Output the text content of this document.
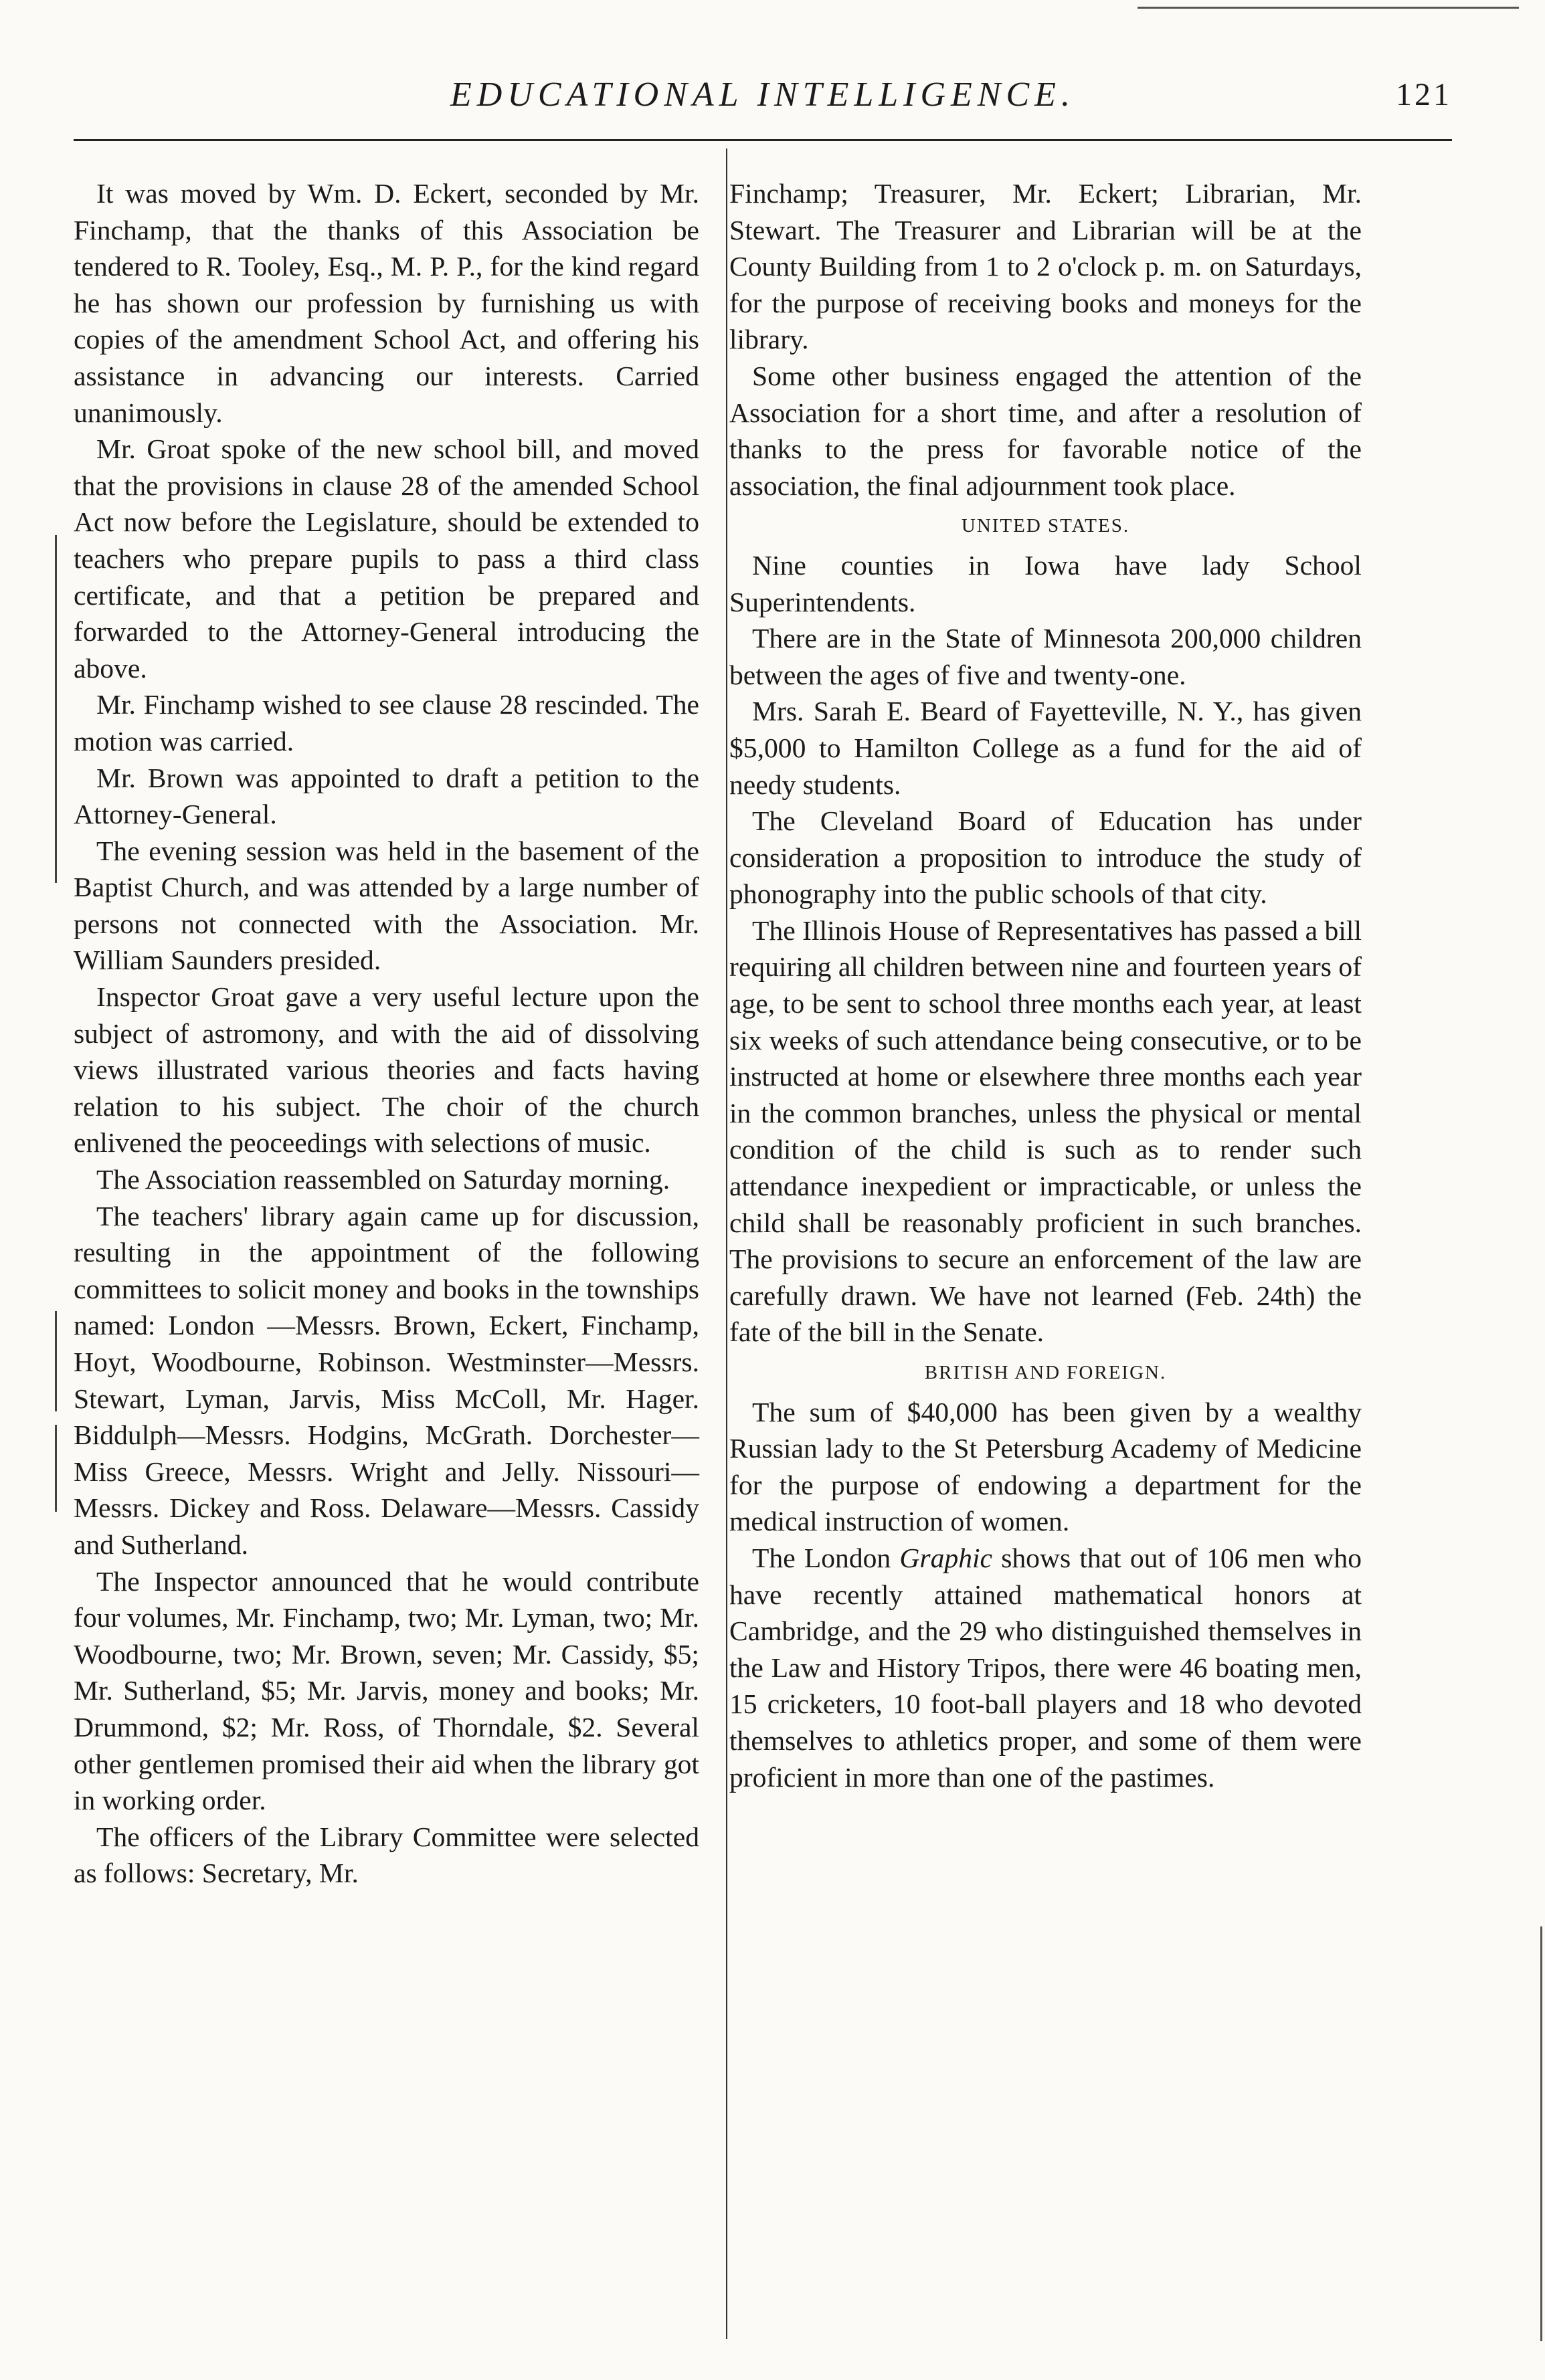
EDUCATIONAL INTELLIGENCE.	121

It was moved by Wm. D. Eckert, seconded by Mr. Finchamp, that the thanks of this Association be tendered to R. Tooley, Esq., M. P. P., for the kind regard he has shown our profession by furnishing us with copies of the amendment School Act, and offering his assistance in advancing our interests. Carried unanimously.

Mr. Groat spoke of the new school bill, and moved that the provisions in clause 28 of the amended School Act now before the Legislature, should be extended to teachers who prepare pupils to pass a third class certificate, and that a petition be prepared and forwarded to the Attorney-General introducing the above.

Mr. Finchamp wished to see clause 28 rescinded. The motion was carried.

Mr. Brown was appointed to draft a petition to the Attorney-General.

The evening session was held in the basement of the Baptist Church, and was attended by a large number of persons not connected with the Association. Mr. William Saunders presided.

Inspector Groat gave a very useful lecture upon the subject of astromony, and with the aid of dissolving views illustrated various theories and facts having relation to his subject. The choir of the church enlivened the peoceedings with selections of music.

The Association reassembled on Saturday morning.

The teachers' library again came up for discussion, resulting in the appointment of the following committees to solicit money and books in the townships named: London —Messrs. Brown, Eckert, Finchamp, Hoyt, Woodbourne, Robinson. Westminster—Messrs. Stewart, Lyman, Jarvis, Miss McColl, Mr. Hager. Biddulph—Messrs. Hodgins, McGrath. Dorchester—Miss Greece, Messrs. Wright and Jelly. Nissouri—Messrs. Dickey and Ross. Delaware—Messrs. Cassidy and Sutherland.

The Inspector announced that he would contribute four volumes, Mr. Finchamp, two; Mr. Lyman, two; Mr. Woodbourne, two; Mr. Brown, seven; Mr. Cassidy, $5; Mr. Sutherland, $5; Mr. Jarvis, money and books; Mr. Drummond, $2; Mr. Ross, of Thorndale, $2. Several other gentlemen promised their aid when the library got in working order.

The officers of the Library Committee were selected as follows: Secretary, Mr.

Finchamp; Treasurer, Mr. Eckert; Librarian, Mr. Stewart. The Treasurer and Librarian will be at the County Building from 1 to 2 o'clock p. m. on Saturdays, for the purpose of receiving books and moneys for the library.

Some other business engaged the attention of the Association for a short time, and after a resolution of thanks to the press for favorable notice of the association, the final adjournment took place.

UNITED STATES.

Nine counties in Iowa have lady School Superintendents.

There are in the State of Minnesota 200,000 children between the ages of five and twenty-one.

Mrs. Sarah E. Beard of Fayetteville, N. Y., has given $5,000 to Hamilton College as a fund for the aid of needy students.

The Cleveland Board of Education has under consideration a proposition to introduce the study of phonography into the public schools of that city.

The Illinois House of Representatives has passed a bill requiring all children between nine and fourteen years of age, to be sent to school three months each year, at least six weeks of such attendance being consecutive, or to be instructed at home or elsewhere three months each year in the common branches, unless the physical or mental condition of the child is such as to render such attendance inexpedient or impracticable, or unless the child shall be reasonably proficient in such branches. The provisions to secure an enforcement of the law are carefully drawn. We have not learned (Feb. 24th) the fate of the bill in the Senate.

BRITISH AND FOREIGN.

The sum of $40,000 has been given by a wealthy Russian lady to the St Petersburg Academy of Medicine for the purpose of endowing a department for the medical instruction of women.

The London Graphic shows that out of 106 men who have recently attained mathematical honors at Cambridge, and the 29 who distinguished themselves in the Law and History Tripos, there were 46 boating men, 15 cricketers, 10 foot-ball players and 18 who devoted themselves to athletics proper, and some of them were proficient in more than one of the pastimes.
